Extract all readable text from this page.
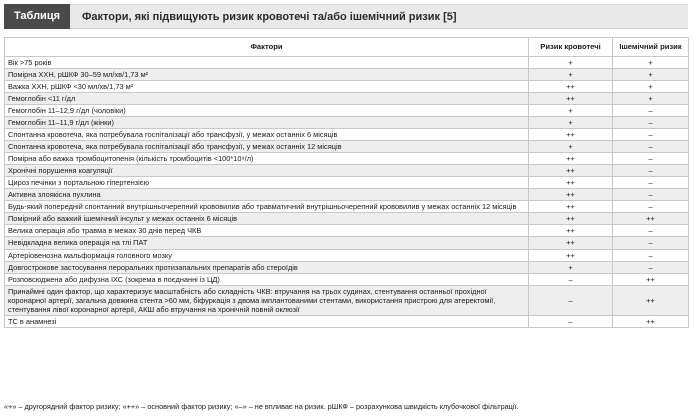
Таблиця 1.
Фактори, які підвищують ризик кровотечі та/або ішемічний ризик [5]
Фактори	Ризик кровотечі	Ішемічний ризик
Вік >75 років	+	+
Помірна ХХН, рШКФ 30–59 мл/хв/1,73 м²	+	+
Важка ХХН, рШКФ <30 мл/хв/1,73 м²	++	+
Гемоглобін <11 г/дл	++	+
Гемоглобін 11–12,9 г/дл (чоловіки)	+	–
Гемоглобін 11–11,9 г/дл (жінки)	+	–
Спонтанна кровотеча, яка потребувала госпіталізації або трансфузії, у межах останніх 6 місяців	++	–
Спонтанна кровотеча, яка потребувала госпіталізації або трансфузії, у межах останніх 12 місяців	+	–
Помірна або важка тромбоцитопенія (кількість тромбоцитів <100*10⁹/л)	++	–
Хронічні порушення коагуляції	++	–
Цироз печінки з портальною гіпертензією	++	–
Активна злоякісна пухлина	++	–
Будь-який попередній спонтанний внутрішньочерепний крововилив або травматичний внутрішньочерепний крововилив у межах останніх 12 місяців	++	–
Помірний або важкий ішемічний інсульт у межах останніх 6 місяців	++	++
Велика операція або травма в межах 30 днів перед ЧКВ	++	–
Невідкладна велика операція на тлі ПАТ	++	–
Артеріовенозна мальформація головного мозку	++	–
Довгострокове застосування пероральних протизапальних препаратів або стероїдів	+	–
Розповсюджена або дифузна ІХС (зокрема в поєднанні із ЦД)	–	++
Принаймні один фактор, що характеризує масштабність або складність ЧКВ: втручання на трьох судинах, стентування останньої прохідної коронарної артерії, загальна довжина стента >60 мм, біфуркація з двома імплантованими стентами, використання пристрою для атеректомії, стентування лівої коронарної артерії, АКШ або втручання на хронічній повній оклюзії	–	++
ТС в анамнезі	–	++
«+» – другорядний фактор ризику; «++» – основний фактор ризику; «–» – не впливає на ризик. рШКФ – розрахункова швидкість клубочкової фільтрації.
